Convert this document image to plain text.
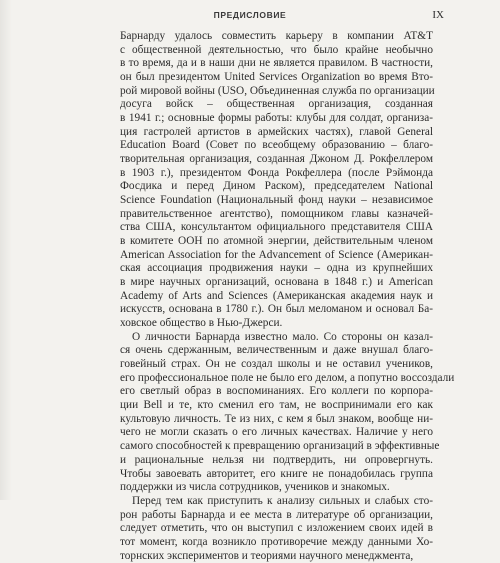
ПРЕДИСЛОВИЕ	IX
Барнарду удалось совместить карьеру в компании AT&T
с общественной деятельностью, что было крайне необычно
в то время, да и в наши дни не является правилом. В частности,
он был президентом United Services Organization во время Вто-
рой мировой войны (USO, Объединенная служба по организации
досуга войск – общественная организация, созданная
в 1941 г.; основные формы работы: клубы для солдат, организа-
ция гастролей артистов в армейских частях), главой General
Education Board (Совет по всеобщему образованию – благо-
творительная организация, созданная Джоном Д. Рокфеллером
в 1903 г.), президентом Фонда Рокфеллера (после Рэймонда
Фосдика и перед Дином Раском), председателем National
Science Foundation (Национальный фонд науки – независимое
правительственное агентство), помощником главы казначей-
ства США, консультантом официального представителя США
в комитете ООН по атомной энергии, действительным членом
American Association for the Advancement of Science (Американ-
ская ассоциация продвижения науки – одна из крупнейших
в мире научных организаций, основана в 1848 г.) и American
Academy of Arts and Sciences (Американская академия наук и
искусств, основана в 1780 г.). Он был меломаном и основал Ба-
ховское общество в Нью-Джерси.
О личности Барнарда известно мало. Со стороны он казал-
ся очень сдержанным, величественным и даже внушал благо-
говейный страх. Он не создал школы и не оставил учеников,
его профессиональное поле не было его делом, а попутно воссоздали
его светлый образ в воспоминаниях. Его коллеги по корпора-
ции Bell и те, кто сменил его там, не воспринимали его как
культовую личность. Те из них, с кем я был знаком, вообще ни-
чего не могли сказать о его личных качествах. Наличие у него
самого способностей к превращению организаций в эффективные
и рациональные нельзя ни подтвердить, ни опровергнуть.
Чтобы завоевать авторитет, его книге не понадобилась группа
поддержки из числа сотрудников, учеников и знакомых.
Перед тем как приступить к анализу сильных и слабых сто-
рон работы Барнарда и ее места в литературе об организации,
следует отметить, что он выступил с изложением своих идей в
тот момент, когда возникло противоречие между данными Хо-
торнских экспериментов и теориями научного менеджмента,
